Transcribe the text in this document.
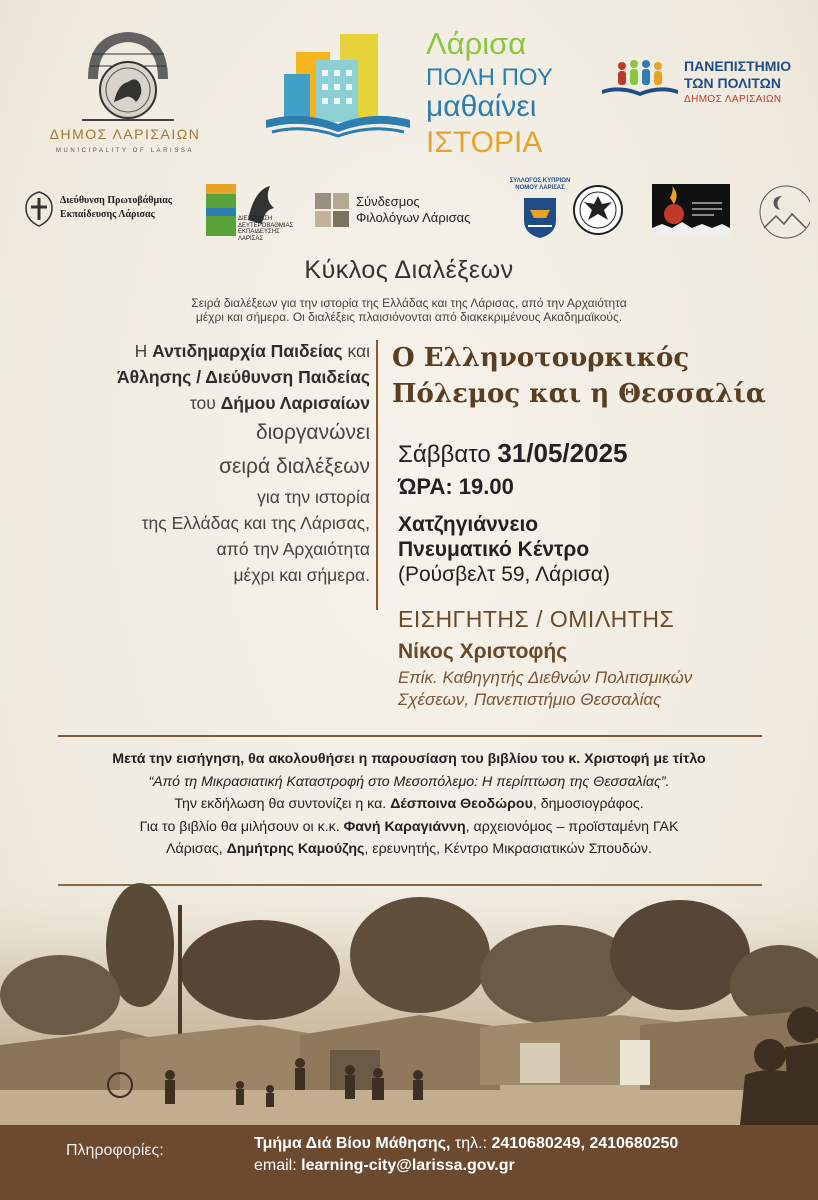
ΔΗΜΟΣ ΛΑΡΙΣΑΙΩΝ
MUNICIPALITY OF LARISSA
Λάρισα
ΠΟΛΗ ΠΟΥ
μαθαίνει
ΙΣΤΟΡΙΑ
ΠΑΝΕΠΙΣΤΗΜΙΟ
ΤΩΝ ΠΟΛΙΤΩΝ
ΔΗΜΟΣ ΛΑΡΙΣΑΙΩΝ
Διεύθυνση Πρωτοβάθμιας
Εκπαίδευσης Λάρισας	ΔΙΕΥΘΥΝΣΗ
ΔΕΥΤΕΡΟΒΑΘΜΙΑΣ
ΕΚΠΑΙΔΕΥΣΗΣ
ΛΑΡΙΣΑΣ
Σύνδεσμος
Φιλολόγων Λάρισας
ΣΥΛΛΟΓΟΣ ΚΥΠΡΙΩΝ
ΝΟΜΟΥ ΛΑΡΙΣΑΣ
Κύκλος Διαλέξεων
Σειρά διαλέξεων για την ιστορία της Ελλάδας και της Λάρισας, από την Αρχαιότητα
μέχρι και σήμερα. Οι διαλέξεις πλαισιόνονται από διακεκριμένους Ακαδημαϊκούς.
Η Αντιδημαρχία Παιδείας και
Άθλησης / Διεύθυνση Παιδείας
του Δήμου Λαρισαίων
διοργανώνει
σειρά διαλέξεων
για την ιστορία
της Ελλάδας και της Λάρισας,
από την Αρχαιότητα
μέχρι και σήμερα.
Ο Ελληνοτουρκικός
Πόλεμος και η Θεσσαλία
Σάββατο 31/05/2025
ΏΡΑ: 19.00
Χατζηγιάννειο
Πνευματικό Κέντρο
(Ρούσβελτ 59, Λάρισα)
ΕΙΣΗΓΗΤΗΣ / ΟΜΙΛΗΤΗΣ
Νίκος Χριστοφής
Επίκ. Καθηγητής Διεθνών Πολιτισμικών
Σχέσεων, Πανεπιστήμιο Θεσσαλίας
Μετά την εισήγηση, θα ακολουθήσει η παρουσίαση του βιβλίου του κ. Χριστοφή με τίτλο
“Από τη Μικρασιατική Καταστροφή στο Μεσοπόλεμο: Η περίπτωση της Θεσσαλίας”.
Την εκδήλωση θα συντονίζει η κα. Δέσποινα Θεοδώρου, δημοσιογράφος.
Για το βιβλίο θα μιλήσουν οι κ.κ. Φανή Καραγιάννη, αρχειονόμος – προϊσταμένη ΓΑΚ
Λάρισας, Δημήτρης Καμούζης, ερευνητής, Κέντρο Μικρασιατικών Σπουδών.
Πληροφορίες:	Τμήμα Διά Βίου Μάθησης, τηλ.: 2410680249, 2410680250
email: learning-city@larissa.gov.gr
